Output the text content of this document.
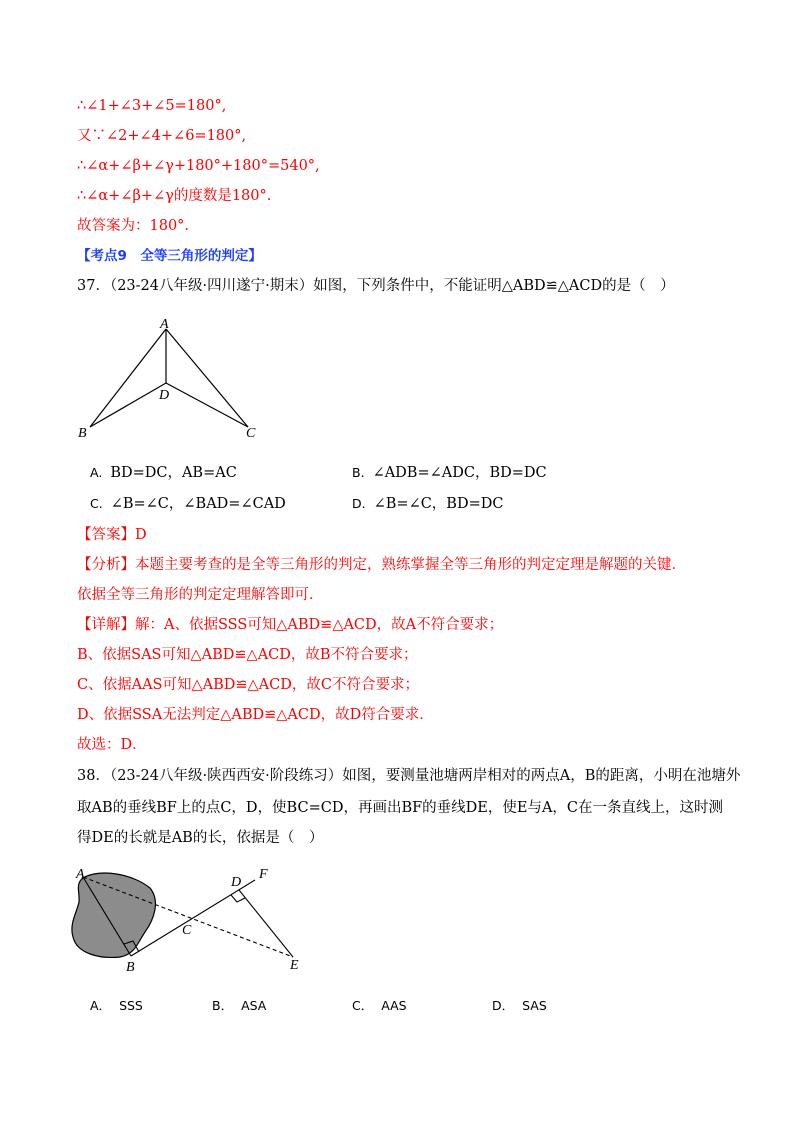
∴∠1+∠3+∠5=180°,
又∵∠2+∠4+∠6=180°,
∴∠α+∠β+∠γ+180°+180°=540°,
∴∠α+∠β+∠γ的度数是180°.
故答案为：180°.
【考点9　全等三角形的判定】
37．（23-24八年级·四川遂宁·期末）如图，下列条件中，不能证明△ABD≌△ACD的是（　）
A
B	C
D
A. BD=DC，AB=AC	B. ∠ADB=∠ADC，BD=DC
C. ∠B=∠C，∠BAD=∠CAD	D. ∠B=∠C，BD=DC
【答案】D
【分析】本题主要考查的是全等三角形的判定，熟练掌握全等三角形的判定定理是解题的关键．
依据全等三角形的判定定理解答即可．
【详解】解：A、依据SSS可知△ABD≌△ACD，故A不符合要求；
B、依据SAS可知△ABD≌△ACD，故B不符合要求；
C、依据AAS可知△ABD≌△ACD，故C不符合要求；
D、依据SSA无法判定△ABD≌△ACD，故D符合要求．
故选：D．
38．（23-24八年级·陕西西安·阶段练习）如图，要测量池塘两岸相对的两点A，B的距离，小明在池塘外
取AB的垂线BF上的点C，D，使BC=CD，再画出BF的垂线DE，使E与A，C在一条直线上，这时测
得DE的长就是AB的长，依据是（　）
A
B
C
D
E
F
A． SSS	B． ASA	C． AAS	D． SAS
